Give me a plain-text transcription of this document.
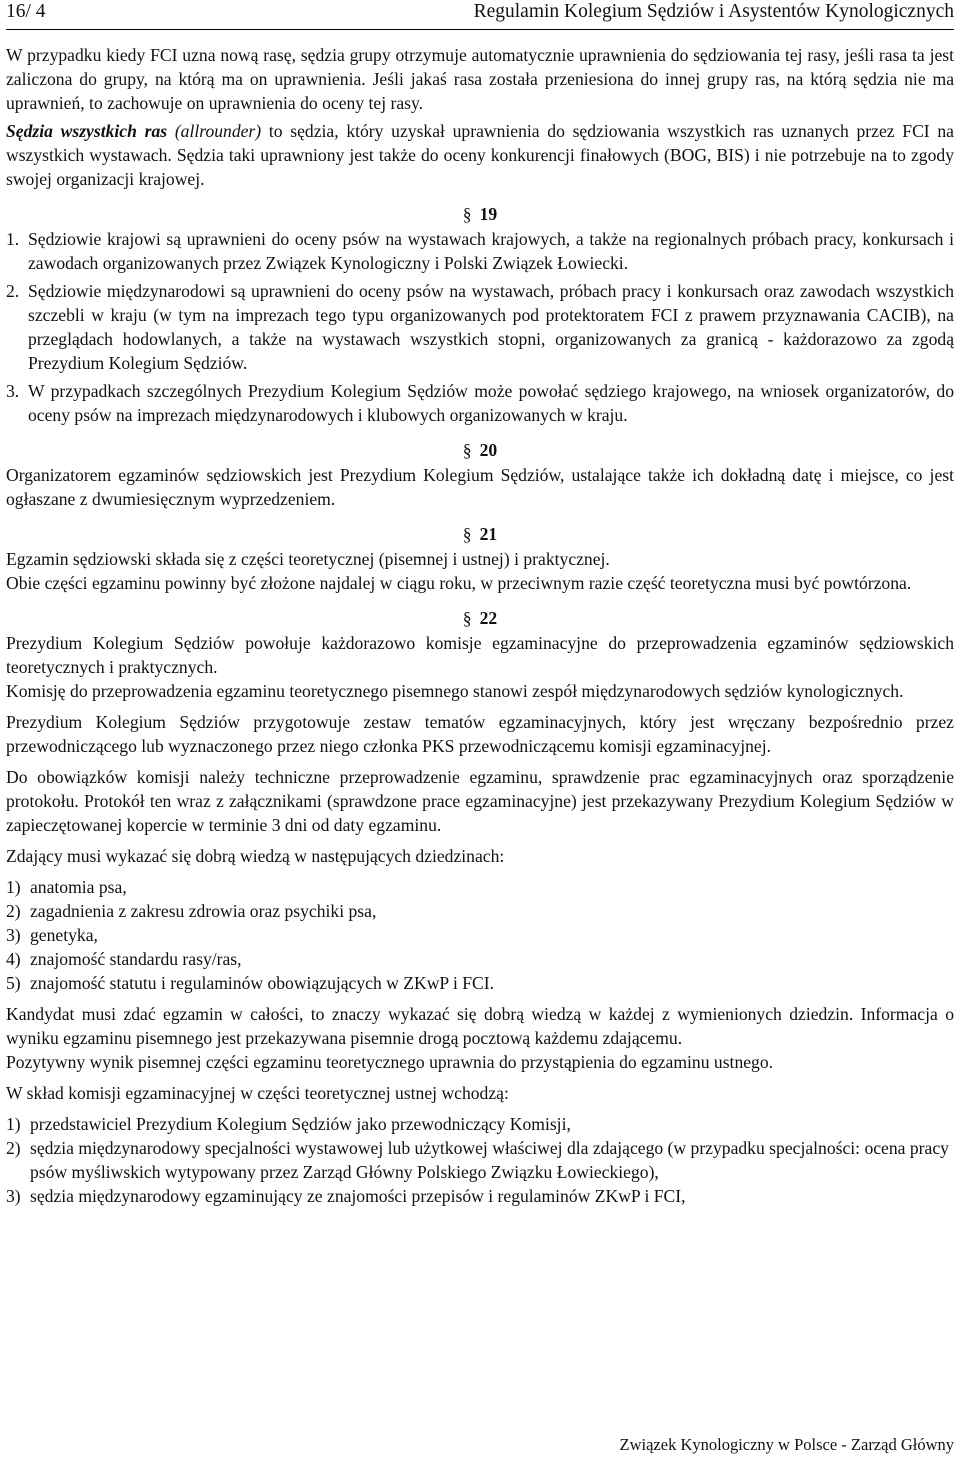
16/ 4	Regulamin Kolegium Sędziów i Asystentów Kynologicznych

W przypadku kiedy FCI uzna nową rasę, sędzia grupy otrzymuje automatycznie uprawnienia do sędziowania tej rasy, jeśli rasa ta jest zaliczona do grupy, na którą ma on uprawnienia. Jeśli jakaś rasa została przeniesiona do innej grupy ras, na którą sędzia nie ma uprawnień, to zachowuje on uprawnienia do oceny tej rasy.

Sędzia wszystkich ras (allrounder) to sędzia, który uzyskał uprawnienia do sędziowania wszystkich ras uznanych przez FCI na wszystkich wystawach. Sędzia taki uprawniony jest także do oceny konkurencji finałowych (BOG, BIS) i nie potrzebuje na to zgody swojej organizacji krajowej.

§ 19
1. Sędziowie krajowi są uprawnieni do oceny psów na wystawach krajowych, a także na regionalnych próbach pracy, konkursach i zawodach organizowanych przez Związek Kynologiczny i Polski Związek Łowiecki.
2. Sędziowie międzynarodowi są uprawnieni do oceny psów na wystawach, próbach pracy i konkursach oraz zawodach wszystkich szczebli w kraju (w tym na imprezach tego typu organizowanych pod protektoratem FCI z prawem przyznawania CACIB), na przeglądach hodowlanych, a także na wystawach wszystkich stopni, organizowanych za granicą - każdorazowo za zgodą Prezydium Kolegium Sędziów.
3. W przypadkach szczególnych Prezydium Kolegium Sędziów może powołać sędziego krajowego, na wniosek organizatorów, do oceny psów na imprezach międzynarodowych i klubowych organizowanych w kraju.
§ 20

Organizatorem egzaminów sędziowskich jest Prezydium Kolegium Sędziów, ustalające także ich dokładną datę i miejsce, co jest ogłaszane z dwumiesięcznym wyprzedzeniem.

§ 21

Egzamin sędziowski składa się z części teoretycznej (pisemnej i ustnej) i praktycznej.

Obie części egzaminu powinny być złożone najdalej w ciągu roku, w przeciwnym razie część teoretyczna musi być powtórzona.

§ 22

Prezydium Kolegium Sędziów powołuje każdorazowo komisje egzaminacyjne do przeprowadzenia egzaminów sędziowskich teoretycznych i praktycznych.

Komisję do przeprowadzenia egzaminu teoretycznego pisemnego stanowi zespół międzynarodowych sędziów kynologicznych.

Prezydium Kolegium Sędziów przygotowuje zestaw tematów egzaminacyjnych, który jest wręczany bezpośrednio przez przewodniczącego lub wyznaczonego przez niego członka PKS przewodniczącemu komisji egzaminacyjnej.

Do obowiązków komisji należy techniczne przeprowadzenie egzaminu, sprawdzenie prac egzaminacyjnych oraz sporządzenie protokołu. Protokół ten wraz z załącznikami (sprawdzone prace egzaminacyjne) jest przekazywany Prezydium Kolegium Sędziów w zapieczętowanej kopercie w terminie 3 dni od daty egzaminu.

Zdający musi wykazać się dobrą wiedzą w następujących dziedzinach:

1) anatomia psa,
2) zagadnienia z zakresu zdrowia oraz psychiki psa,
3) genetyka,
4) znajomość standardu rasy/ras,
5) znajomość statutu i regulaminów obowiązujących w ZKwP i FCI.

Kandydat musi zdać egzamin w całości, to znaczy wykazać się dobrą wiedzą w każdej z wymienionych dziedzin. Informacja o wyniku egzaminu pisemnego jest przekazywana pisemnie drogą pocztową każdemu zdającemu.

Pozytywny wynik pisemnej części egzaminu teoretycznego uprawnia do przystąpienia do egzaminu ustnego.

W skład komisji egzaminacyjnej w części teoretycznej ustnej wchodzą:

1) przedstawiciel Prezydium Kolegium Sędziów jako przewodniczący Komisji,
2) sędzia międzynarodowy specjalności wystawowej lub użytkowej właściwej dla zdającego (w przypadku specjalności: ocena pracy psów myśliwskich wytypowany przez Zarząd Główny Polskiego Związku Łowieckiego),
3) sędzia międzynarodowy egzaminujący ze znajomości przepisów i regulaminów ZKwP i FCI,
Związek Kynologiczny w Polsce - Zarząd Główny
